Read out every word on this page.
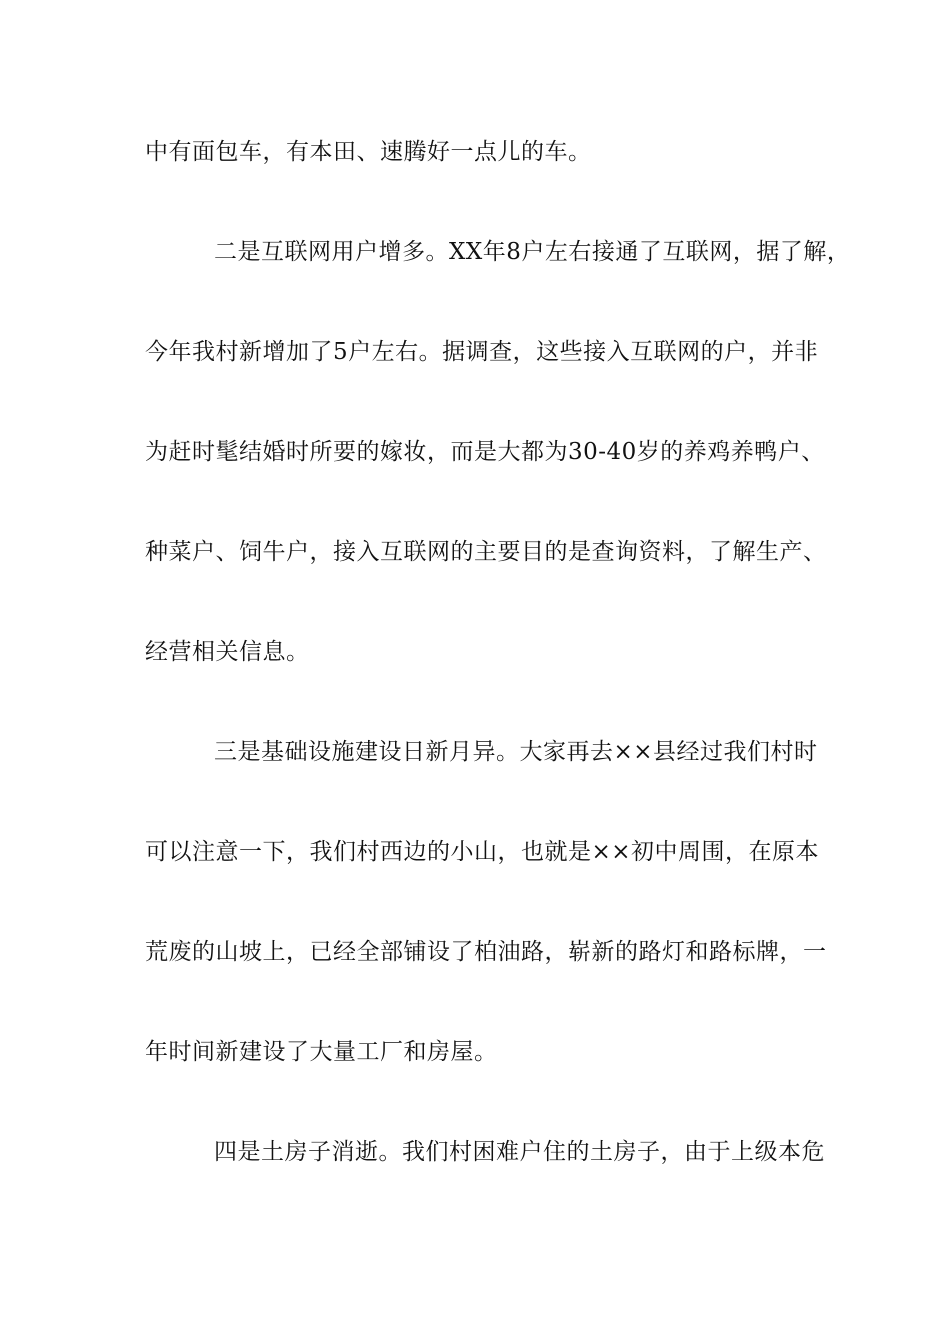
中有面包车，有本田、速腾好一点儿的车。
二是互联网用户增多。XX年8户左右接通了互联网，据了解，
今年我村新增加了5户左右。据调查，这些接入互联网的户，并非
为赶时髦结婚时所要的嫁妆，而是大都为30-40岁的养鸡养鸭户、
种菜户、饲牛户，接入互联网的主要目的是查询资料，了解生产、
经营相关信息。
三是基础设施建设日新月异。大家再去××县经过我们村时
可以注意一下，我们村西边的小山，也就是××初中周围，在原本
荒废的山坡上，已经全部铺设了柏油路，崭新的路灯和路标牌，一
年时间新建设了大量工厂和房屋。
四是土房子消逝。我们村困难户住的土房子，由于上级本危
